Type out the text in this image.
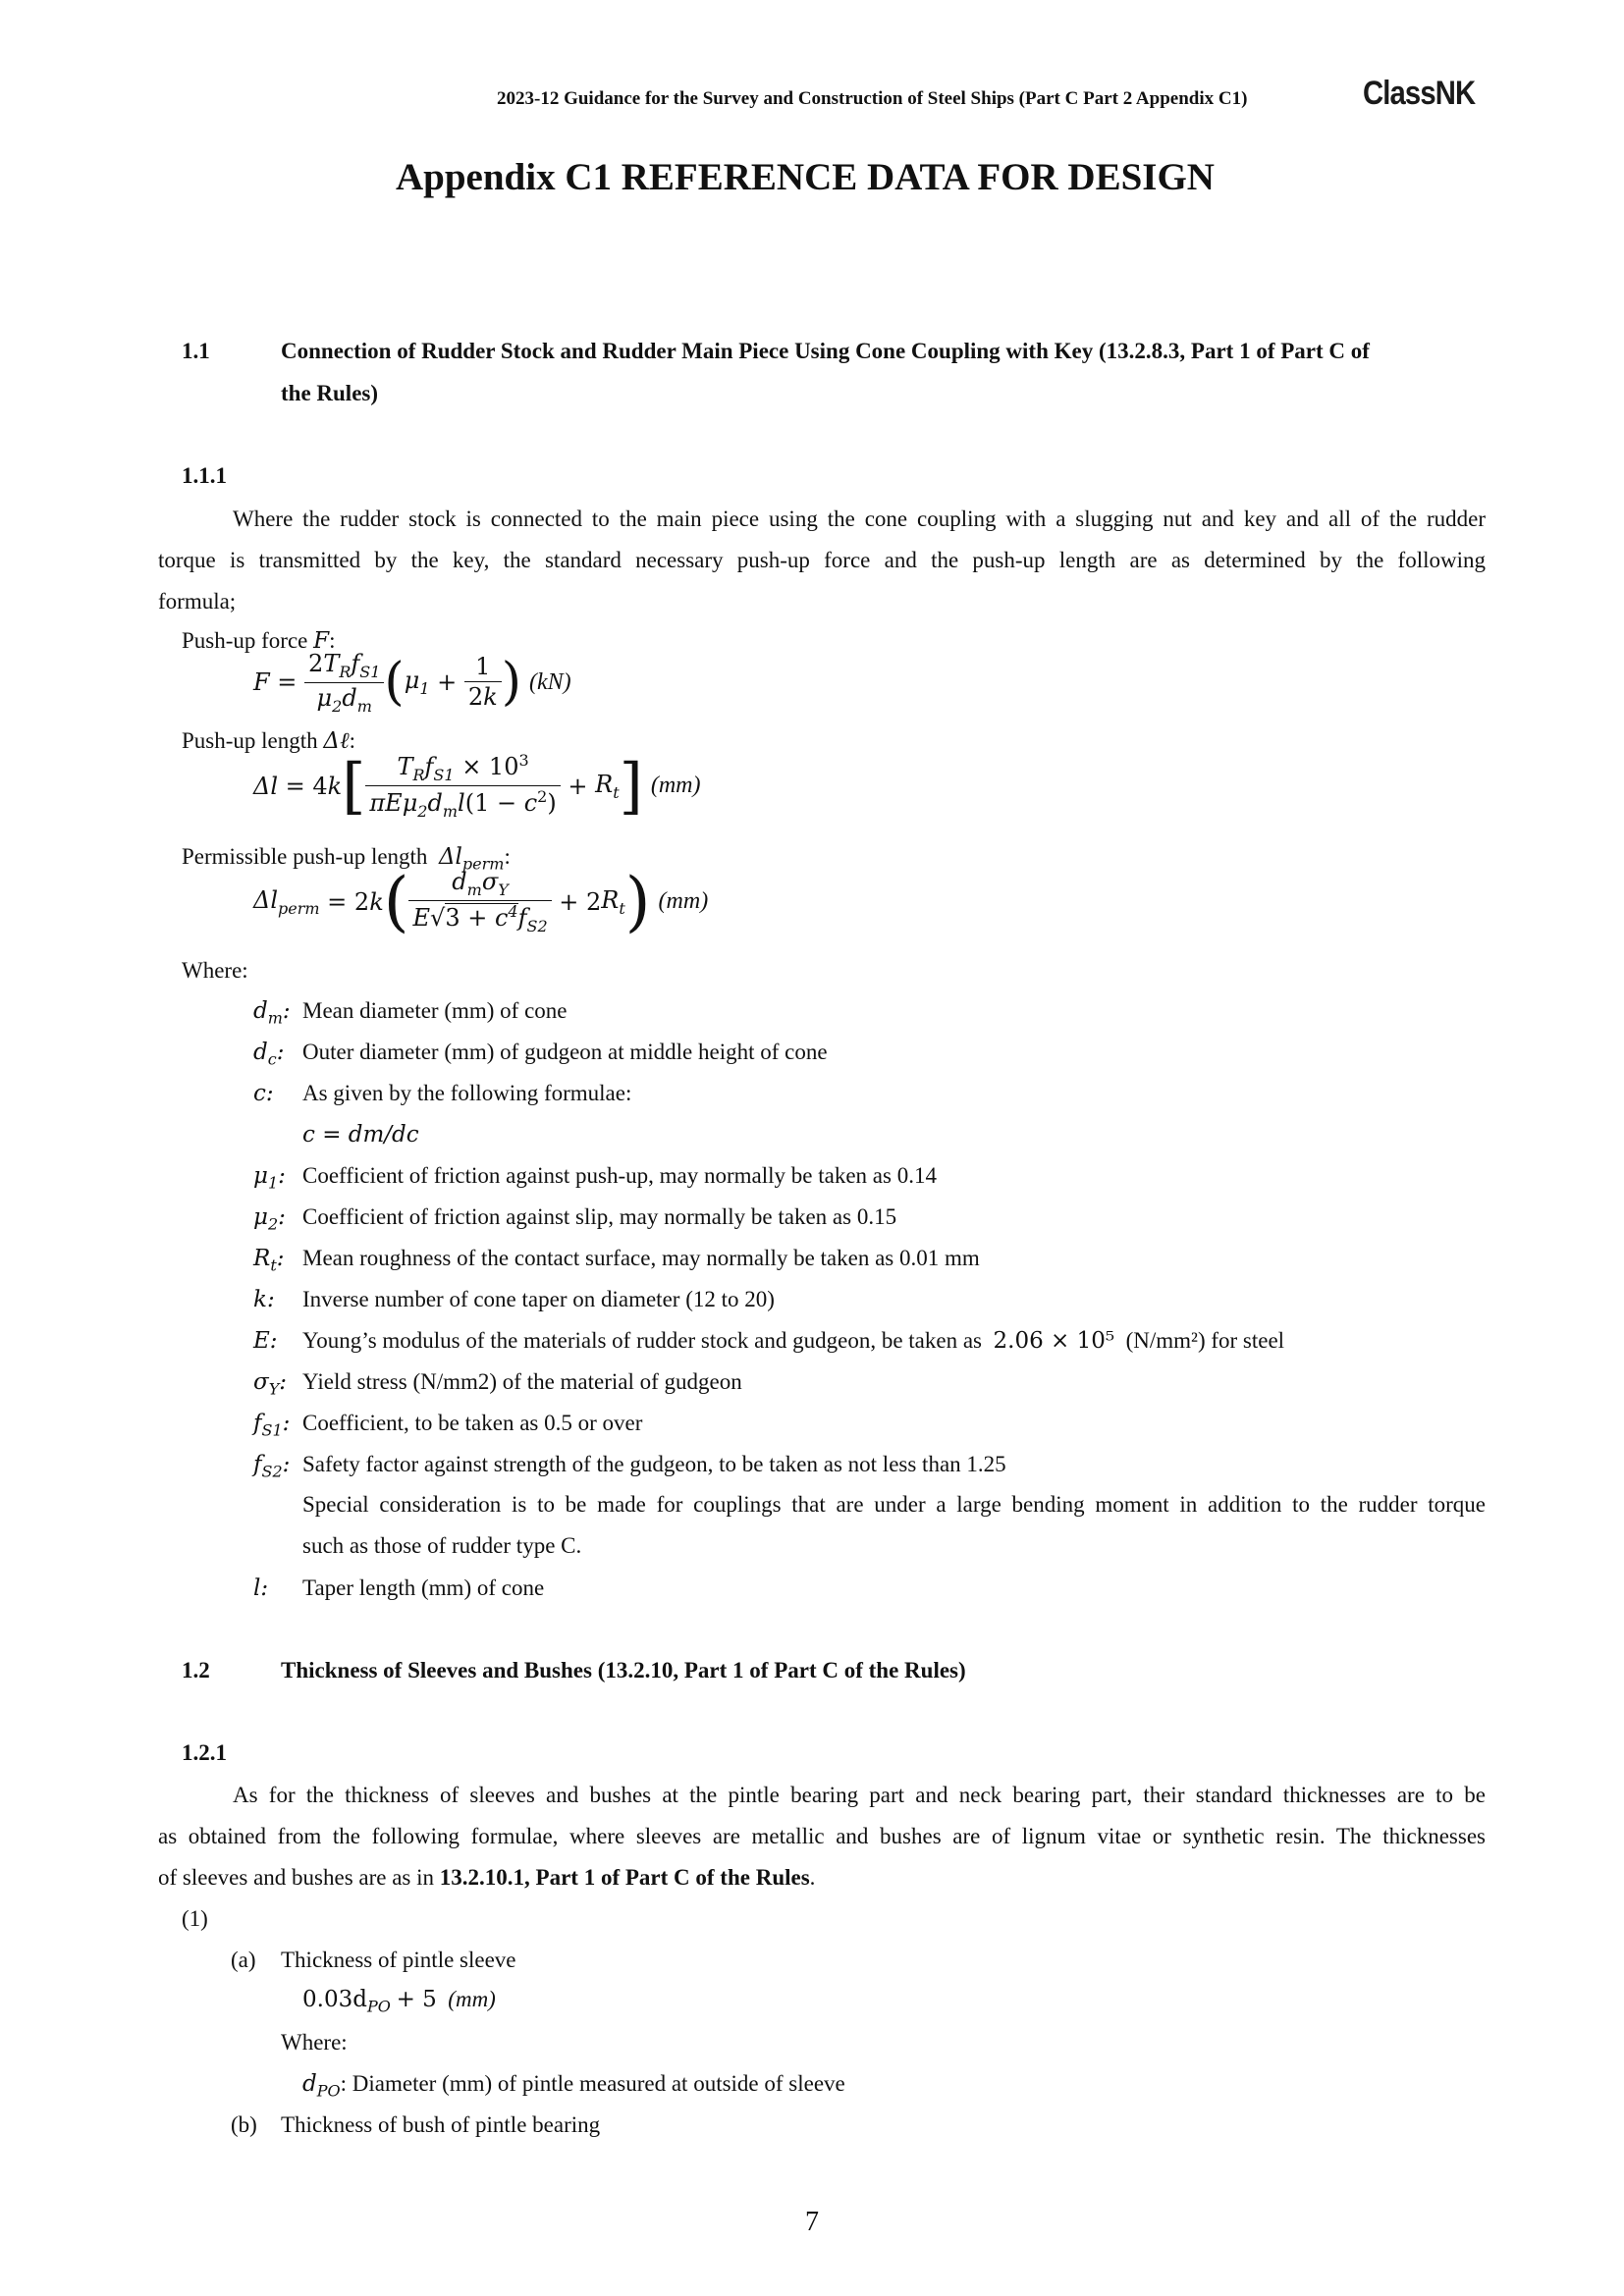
2023-12 Guidance for the Survey and Construction of Steel Ships (Part C Part 2 Appendix C1)	ClassNK
Appendix C1 REFERENCE DATA FOR DESIGN
1.1	Connection of Rudder Stock and Rudder Main Piece Using Cone Coupling with Key (13.2.8.3, Part 1 of Part C of
the Rules)
1.1.1
Where the rudder stock is connected to the main piece using the cone coupling with a slugging nut and key and all of the rudder
torque is transmitted by the key, the standard necessary push-up force and the push-up length are as determined by the following
formula;
Push-up force F:
$F = \frac{2T_Rf_{S1}}{\mu_2d_m}$ ( $\mu_1 + \frac{1}{2k}$ ) (kN)
Push-up length Δℓ:
Δl = 4 k [ $\frac{T_Rf_{S1} \times 10^3}{\pi E\mu_2d_ml(1 - c^2)} + R_t$ ] (mm)
Permissible push-up length $\Delta l_{perm}$:
$\Delta l_{perm} = 2$ k ( $\frac{d_m\sigma_Y}{E√3 + c^4f_{S2}} + 2$ $R_t$ ) (mm)
Where:
$d_m$: Mean diameter (mm) of cone
$d_c$: Outer diameter (mm) of gudgeon at middle height of cone
c: As given by the following formulae:
c = dm/dc
$\mu_1$: Coefficient of friction against push-up, may normally be taken as 0.14
$\mu_2$: Coefficient of friction against slip, may normally be taken as 0.15
$R_t$: Mean roughness of the contact surface, may normally be taken as 0.01 mm
k: Inverse number of cone taper on diameter (12 to 20)
E: Young’s modulus of the materials of rudder stock and gudgeon, be taken as 2.06 × 10⁵ (N/mm²) for steel
$\sigma_Y$: Yield stress (N/mm2) of the material of gudgeon
$f_{S1}$: Coefficient, to be taken as 0.5 or over
$f_{S2}$: Safety factor against strength of the gudgeon, to be taken as not less than 1.25
Special consideration is to be made for couplings that are under a large bending moment in addition to the rudder torque
such as those of rudder type C.
l: Taper length (mm) of cone
1.2	Thickness of Sleeves and Bushes (13.2.10, Part 1 of Part C of the Rules)
1.2.1
As for the thickness of sleeves and bushes at the pintle bearing part and neck bearing part, their standard thicknesses are to be
as obtained from the following formulae, where sleeves are metallic and bushes are of lignum vitae or synthetic resin. The thicknesses
of sleeves and bushes are as in 13.2.10.1, Part 1 of Part C of the Rules.
(1)
(a) Thickness of pintle sleeve
$0.03d_{PO} + 5$ (mm)
Where:
$d_{PO}$: Diameter (mm) of pintle measured at outside of sleeve
(b) Thickness of bush of pintle bearing
7
